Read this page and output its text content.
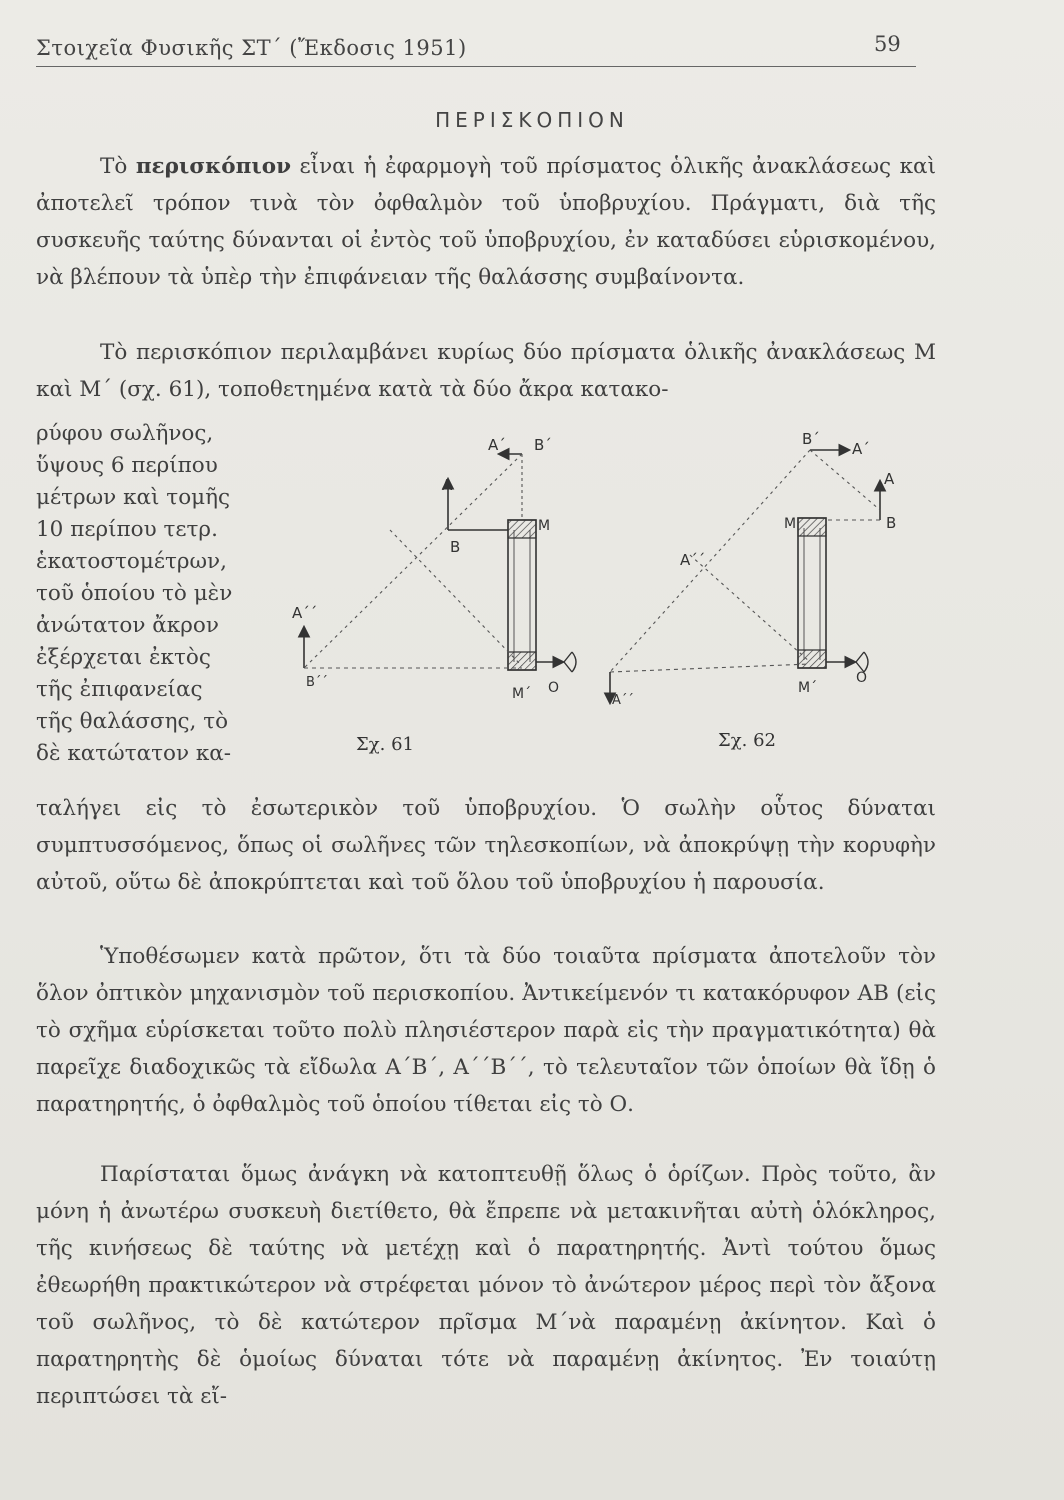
Στοιχεῖα Φυσικῆς ΣΤ΄ (Ἔκδοσις 1951)	59
ΠΕΡΙΣΚΟΠΙΟΝ

Τὸ περισκόπιον εἶναι ἡ ἐφαρμογὴ τοῦ πρίσματος ὁλικῆς ἀνακλάσεως καὶ ἀποτελεῖ τρόπον τινὰ τὸν ὀφθαλμὸν τοῦ ὑποβρυχίου. Πράγματι, διὰ τῆς συσκευῆς ταύτης δύνανται οἱ ἐντὸς τοῦ ὑποβρυχίου, ἐν καταδύσει εὑρισκομένου, νὰ βλέπουν τὰ ὑπὲρ τὴν ἐπιφάνειαν τῆς θαλάσσης συμβαίνοντα.

Τὸ περισκόπιον περιλαμβάνει κυρίως δύο πρίσματα ὁλικῆς ἀνακλάσεως Μ καὶ Μ΄ (σχ. 61), τοποθετημένα κατὰ τὰ δύο ἄκρα κατακο-

ρύφου σωλῆνος,
ὕψους 6 περίπου
μέτρων καὶ τομῆς
10 περίπου τετρ.
ἑκατοστομέτρων,
τοῦ ὁποίου τὸ μὲν
ἀνώτατον ἄκρον
ἐξέρχεται ἐκτὸς
τῆς ἐπιφανείας
τῆς θαλάσσης, τὸ
δὲ κατώτατον κα-
Α΄ Β΄
Α
Β
Μ
Α΄΄
Β΄΄
Μ΄ Ο
Σχ. 61
Β΄
Α΄
Α
Β
Μ
Α΄΄
Α΄΄
Μ΄
Ο
Σχ. 62

ταλήγει εἰς τὸ ἐσωτερικὸν τοῦ ὑποβρυχίου. Ὁ σωλὴν οὗτος δύναται συμπτυσσόμενος, ὅπως οἱ σωλῆνες τῶν τηλεσκοπίων, νὰ ἀποκρύψῃ τὴν κορυφὴν αὐτοῦ, οὕτω δὲ ἀποκρύπτεται καὶ τοῦ ὅλου τοῦ ὑποβρυχίου ἡ παρουσία.

Ὑποθέσωμεν κατὰ πρῶτον, ὅτι τὰ δύο τοιαῦτα πρίσματα ἀποτελοῦν τὸν ὅλον ὀπτικὸν μηχανισμὸν τοῦ περισκοπίου. Ἀντικείμενόν τι κατακόρυφον ΑΒ (εἰς τὸ σχῆμα εὑρίσκεται τοῦτο πολὺ πλησιέστερον παρὰ εἰς τὴν πραγματικότητα) θὰ παρεῖχε διαδοχικῶς τὰ εἴδωλα Α΄Β΄, Α΄΄Β΄΄, τὸ τελευταῖον τῶν ὁποίων θὰ ἴδῃ ὁ παρατηρητής, ὁ ὀφθαλμὸς τοῦ ὁποίου τίθεται εἰς τὸ Ο.

Παρίσταται ὅμως ἀνάγκη νὰ κατοπτευθῇ ὅλως ὁ ὁρίζων. Πρὸς τοῦτο, ἂν μόνη ἡ ἀνωτέρω συσκευὴ διετίθετο, θὰ ἔπρεπε νὰ μετακινῆται αὐτὴ ὁλόκληρος, τῆς κινήσεως δὲ ταύτης νὰ μετέχῃ καὶ ὁ παρατηρητής. Ἀντὶ τούτου ὅμως ἐθεωρήθη πρακτικώτερον νὰ στρέφεται μόνον τὸ ἀνώτερον μέρος περὶ τὸν ἄξονα τοῦ σωλῆνος, τὸ δὲ κατώτερον πρῖσμα Μ΄νὰ παραμένῃ ἀκίνητον. Καὶ ὁ παρατηρητὴς δὲ ὁμοίως δύναται τότε νὰ παραμένῃ ἀκίνητος. Ἐν τοιαύτῃ περιπτώσει τὰ εἴ-
